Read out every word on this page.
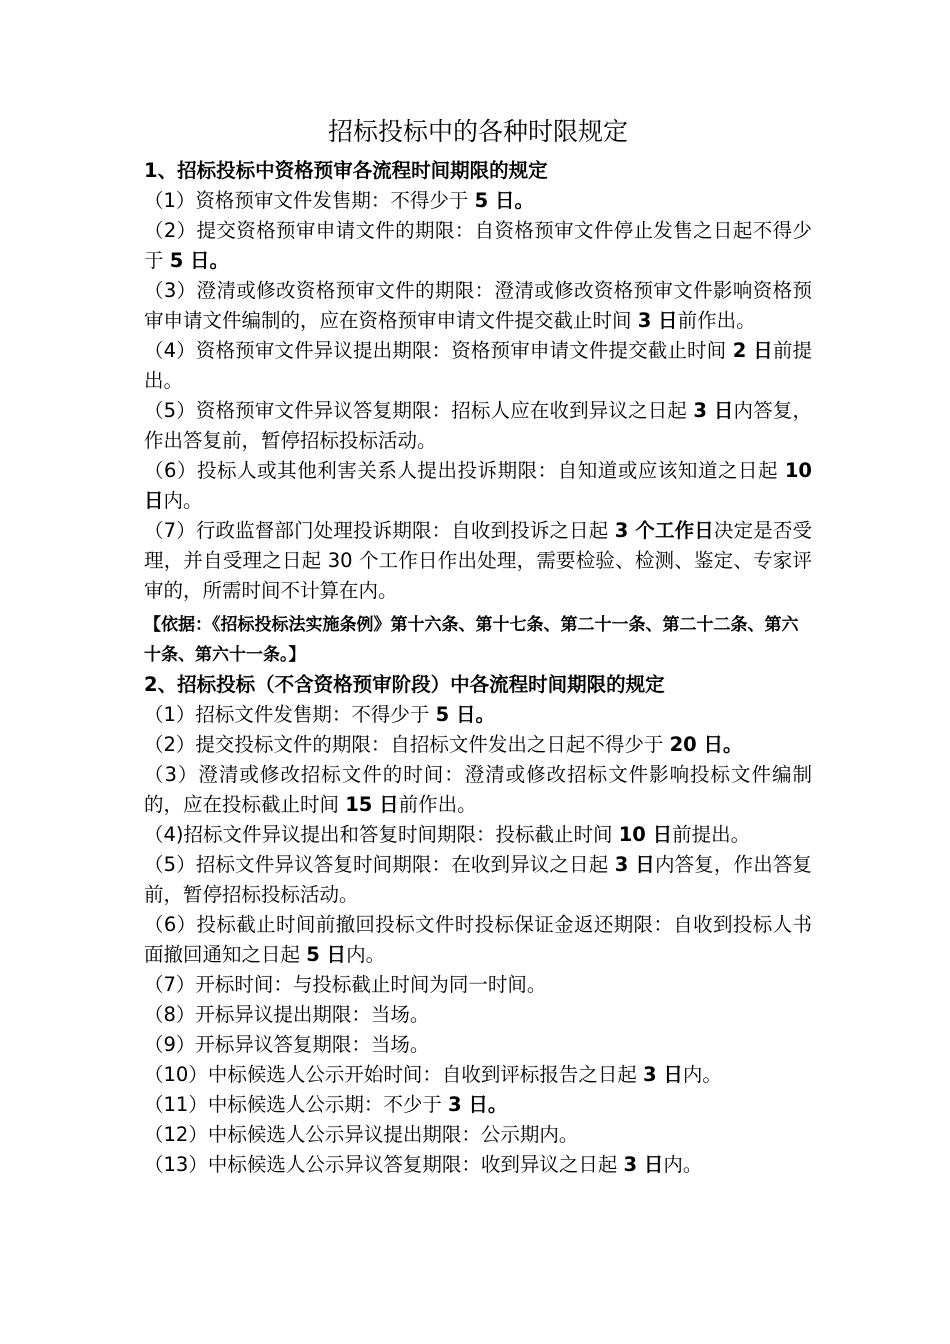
招标投标中的各种时限规定

1、招标投标中资格预审各流程时间期限的规定

（1）资格预审文件发售期：不得少于 5 日。

（2）提交资格预审申请文件的期限：自资格预审文件停止发售之日起不得少于 5 日。

（3）澄清或修改资格预审文件的期限：澄清或修改资格预审文件影响资格预审申请文件编制的，应在资格预审申请文件提交截止时间 3 日前作出。

（4）资格预审文件异议提出期限：资格预审申请文件提交截止时间 2 日前提出。

（5）资格预审文件异议答复期限：招标人应在收到异议之日起 3 日内答复，作出答复前，暂停招标投标活动。

（6）投标人或其他利害关系人提出投诉期限：自知道或应该知道之日起 10 日内。

（7）行政监督部门处理投诉期限：自收到投诉之日起 3 个工作日决定是否受理，并自受理之日起 30 个工作日作出处理，需要检验、检测、鉴定、专家评审的，所需时间不计算在内。

【依据：《招标投标法实施条例》第十六条、第十七条、第二十一条、第二十二条、第六十条、第六十一条。】

2、招标投标（不含资格预审阶段）中各流程时间期限的规定

（1）招标文件发售期：不得少于 5 日。

（2）提交投标文件的期限：自招标文件发出之日起不得少于 20 日。

（3）澄清或修改招标文件的时间：澄清或修改招标文件影响投标文件编制的，应在投标截止时间 15 日前作出。

（4)招标文件异议提出和答复时间期限：投标截止时间 10 日前提出。

（5）招标文件异议答复时间期限：在收到异议之日起 3 日内答复，作出答复前，暂停招标投标活动。

（6）投标截止时间前撤回投标文件时投标保证金返还期限：自收到投标人书面撤回通知之日起 5 日内。

（7）开标时间：与投标截止时间为同一时间。

（8）开标异议提出期限：当场。

（9）开标异议答复期限：当场。

（10）中标候选人公示开始时间：自收到评标报告之日起 3 日内。

（11）中标候选人公示期：不少于 3 日。

（12）中标候选人公示异议提出期限：公示期内。

（13）中标候选人公示异议答复期限：收到异议之日起 3 日内。
